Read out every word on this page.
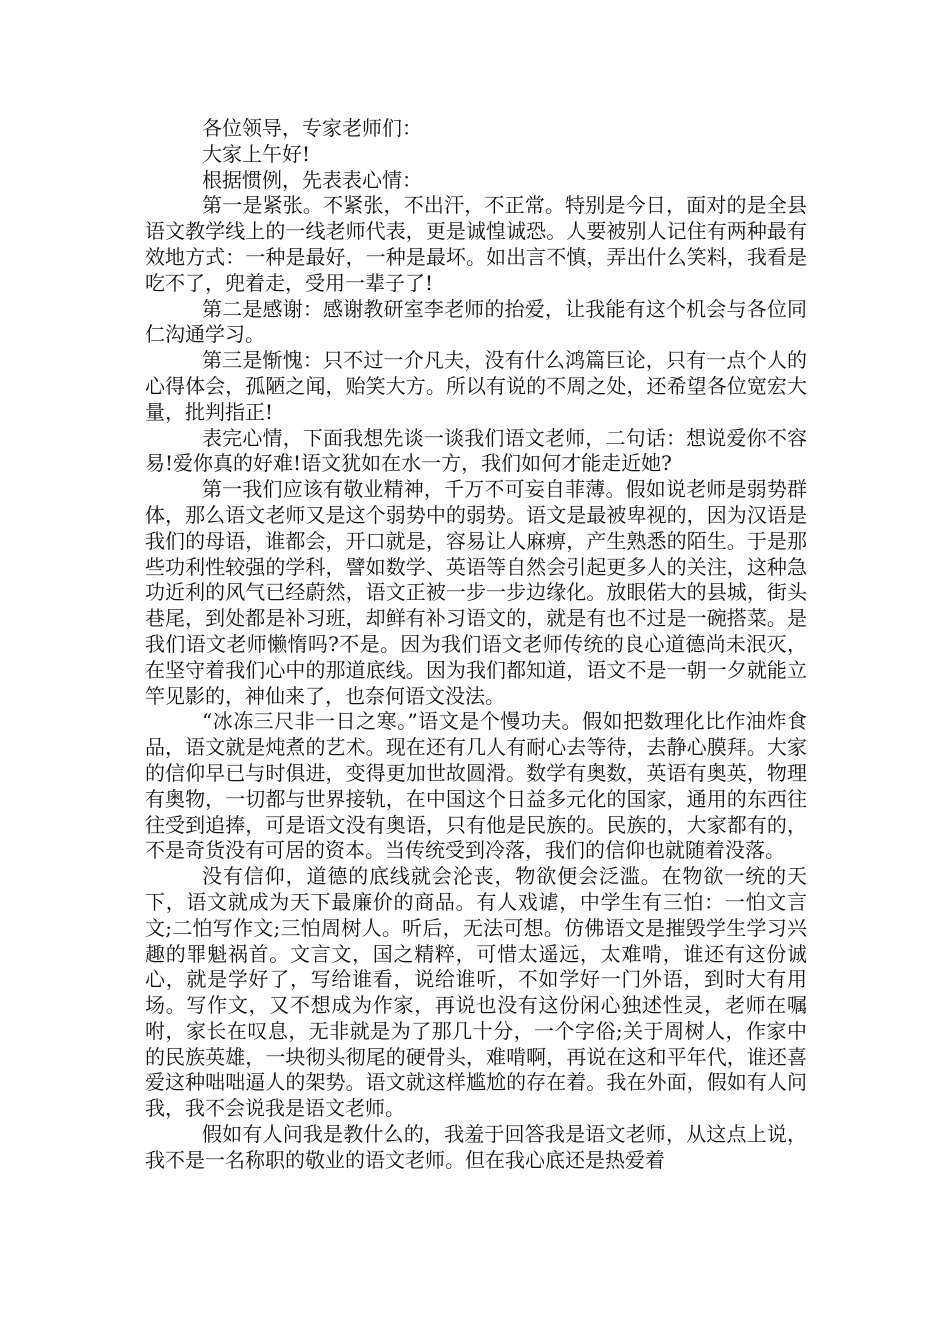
各位领导，专家老师们：

大家上午好!

根据惯例，先表表心情：

第一是紧张。不紧张，不出汗，不正常。特别是今日，面对的是全县语文教学线上的一线老师代表，更是诚惶诚恐。人要被别人记住有两种最有效地方式：一种是最好，一种是最坏。如出言不慎，弄出什么笑料，我看是吃不了，兜着走，受用一辈子了!

第二是感谢：感谢教研室李老师的抬爱，让我能有这个机会与各位同仁沟通学习。

第三是惭愧：只不过一介凡夫，没有什么鸿篇巨论，只有一点个人的心得体会，孤陋之闻，贻笑大方。所以有说的不周之处，还希望各位宽宏大量，批判指正!

表完心情，下面我想先谈一谈我们语文老师，二句话：想说爱你不容易!爱你真的好难!语文犹如在水一方，我们如何才能走近她?

第一我们应该有敬业精神，千万不可妄自菲薄。假如说老师是弱势群体，那么语文老师又是这个弱势中的弱势。语文是最被卑视的，因为汉语是我们的母语，谁都会，开口就是，容易让人麻痹，产生熟悉的陌生。于是那些功利性较强的学科，譬如数学、英语等自然会引起更多人的关注，这种急功近利的风气已经蔚然，语文正被一步一步边缘化。放眼偌大的县城，街头巷尾，到处都是补习班，却鲜有补习语文的，就是有也不过是一碗搭菜。是我们语文老师懒惰吗?不是。因为我们语文老师传统的良心道德尚未泯灭，在坚守着我们心中的那道底线。因为我们都知道，语文不是一朝一夕就能立竿见影的，神仙来了，也奈何语文没法。

“冰冻三尺非一日之寒。”语文是个慢功夫。假如把数理化比作油炸食品，语文就是炖煮的艺术。现在还有几人有耐心去等待，去静心膜拜。大家的信仰早已与时俱进，变得更加世故圆滑。数学有奥数，英语有奥英，物理有奥物，一切都与世界接轨，在中国这个日益多元化的国家，通用的东西往往受到追捧，可是语文没有奥语，只有他是民族的。民族的，大家都有的，不是奇货没有可居的资本。当传统受到冷落，我们的信仰也就随着没落。

没有信仰，道德的底线就会沦丧，物欲便会泛滥。在物欲一统的天下，语文就成为天下最廉价的商品。有人戏谑，中学生有三怕：一怕文言文;二怕写作文;三怕周树人。听后，无法可想。仿佛语文是摧毁学生学习兴趣的罪魁祸首。文言文，国之精粹，可惜太遥远，太难啃，谁还有这份诚心，就是学好了，写给谁看，说给谁听，不如学好一门外语，到时大有用场。写作文，又不想成为作家，再说也没有这份闲心独述性灵，老师在嘱咐，家长在叹息，无非就是为了那几十分，一个字俗;关于周树人，作家中的民族英雄，一块彻头彻尾的硬骨头，难啃啊，再说在这和平年代，谁还喜爱这种咄咄逼人的架势。语文就这样尴尬的存在着。我在外面，假如有人问我，我不会说我是语文老师。

假如有人问我是教什么的，我羞于回答我是语文老师，从这点上说，我不是一名称职的敬业的语文老师。但在我心底还是热爱着
